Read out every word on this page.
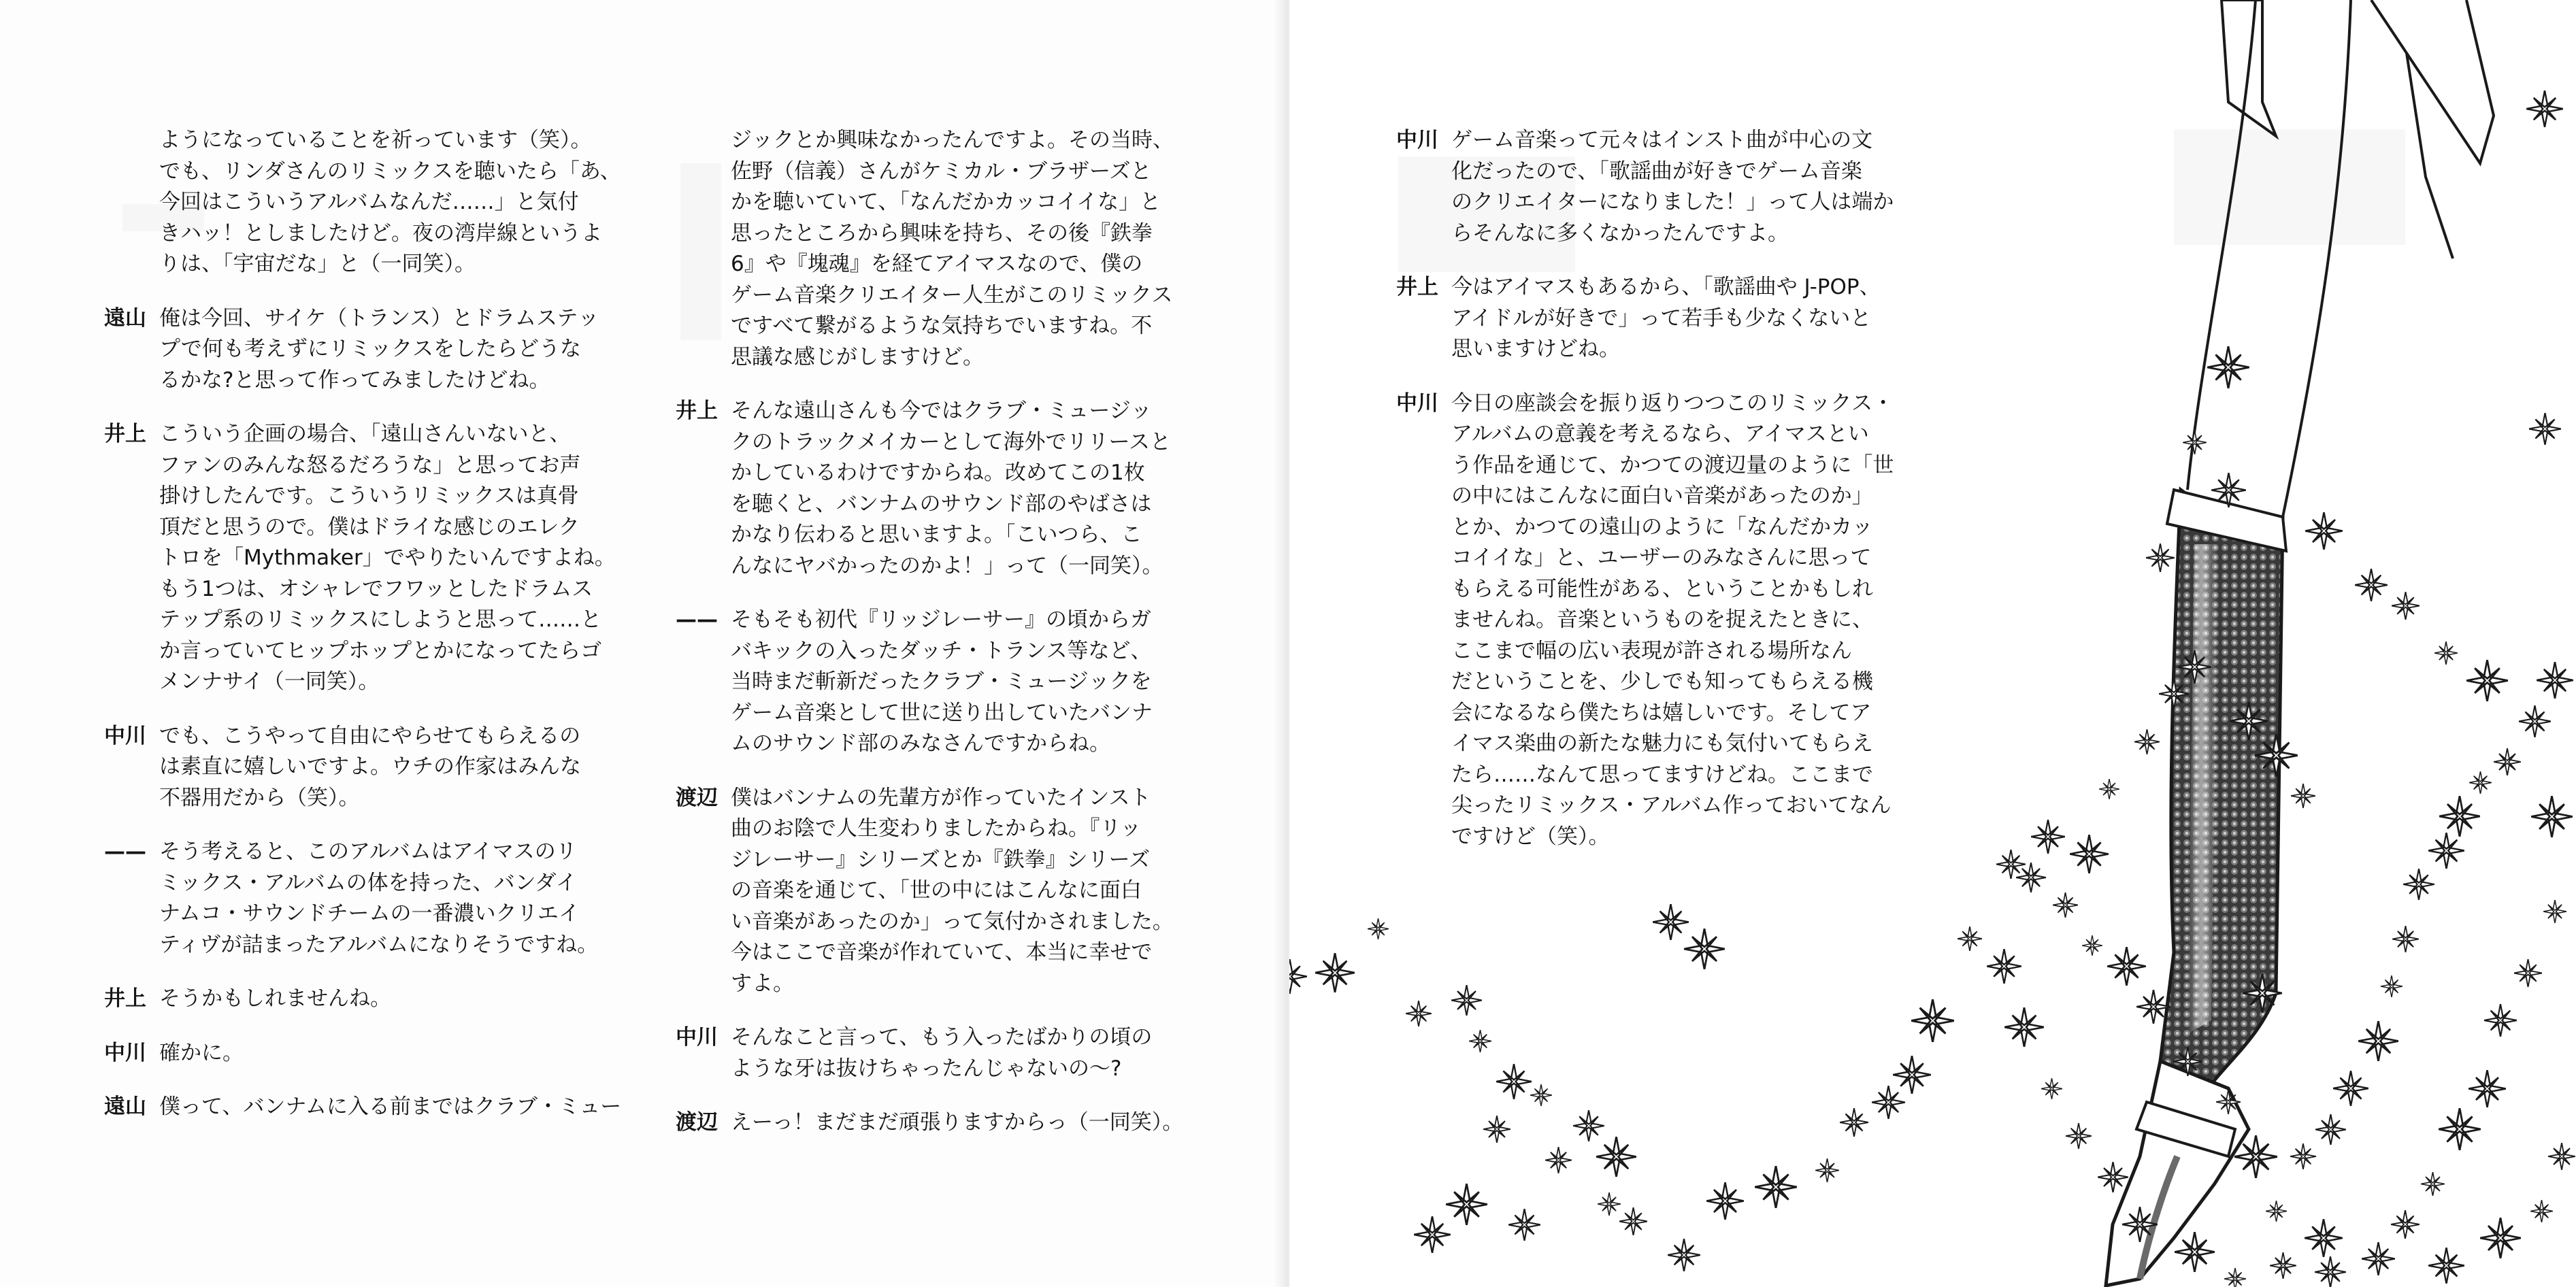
ようになっていることを祈っています（笑）。
でも、リンダさんのリミックスを聴いたら「あ、
今回はこういうアルバムなんだ……」と気付
きハッ！としましたけど。夜の湾岸線というよ
りは、「宇宙だな」と（一同笑）。
遠山 俺は今回、サイケ（トランス）とドラムステッ
プで何も考えずにリミックスをしたらどうな
るかな?と思って作ってみましたけどね。
井上 こういう企画の場合、「遠山さんいないと、
ファンのみんな怒るだろうな」と思ってお声
掛けしたんです。こういうリミックスは真骨
頂だと思うので。僕はドライな感じのエレク
トロを「Mythmaker」でやりたいんですよね。
もう1つは、オシャレでフワッとしたドラムス
テップ系のリミックスにしようと思って……と
か言っていてヒップホップとかになってたらゴ
メンナサイ（一同笑）。
中川 でも、こうやって自由にやらせてもらえるの
は素直に嬉しいですよ。ウチの作家はみんな
不器用だから（笑）。
—— そう考えると、このアルバムはアイマスのリ
ミックス・アルバムの体を持った、バンダイ
ナムコ・サウンドチームの一番濃いクリエイ
ティヴが詰まったアルバムになりそうですね。
井上 そうかもしれませんね。
中川 確かに。
遠山 僕って、バンナムに入る前まではクラブ・ミュー
ジックとか興味なかったんですよ。その当時、
佐野（信義）さんがケミカル・ブラザーズと
かを聴いていて、「なんだかカッコイイな」と
思ったところから興味を持ち、その後『鉄拳
6』や『塊魂』を経てアイマスなので、僕の
ゲーム音楽クリエイター人生がこのリミックス
ですべて繋がるような気持ちでいますね。不
思議な感じがしますけど。
井上 そんな遠山さんも今ではクラブ・ミュージッ
クのトラックメイカーとして海外でリリースと
かしているわけですからね。改めてこの1枚
を聴くと、バンナムのサウンド部のやばさは
かなり伝わると思いますよ。「こいつら、こ
んなにヤバかったのかよ！」って（一同笑）。
—— そもそも初代『リッジレーサー』の頃からガ
バキックの入ったダッチ・トランス等など、
当時まだ斬新だったクラブ・ミュージックを
ゲーム音楽として世に送り出していたバンナ
ムのサウンド部のみなさんですからね。
渡辺 僕はバンナムの先輩方が作っていたインスト
曲のお陰で人生変わりましたからね。『リッ
ジレーサー』シリーズとか『鉄拳』シリーズ
の音楽を通じて、「世の中にはこんなに面白
い音楽があったのか」って気付かされました。
今はここで音楽が作れていて、本当に幸せで
すよ。
中川 そんなこと言って、もう入ったばかりの頃の
ような牙は抜けちゃったんじゃないの〜?
渡辺 えーっ！まだまだ頑張りますからっ（一同笑）。
中川 ゲーム音楽って元々はインスト曲が中心の文
化だったので、「歌謡曲が好きでゲーム音楽
のクリエイターになりました！」って人は端か
らそんなに多くなかったんですよ。
井上 今はアイマスもあるから、「歌謡曲や J-POP、
アイドルが好きで」って若手も少なくないと
思いますけどね。
中川 今日の座談会を振り返りつつこのリミックス・
アルバムの意義を考えるなら、アイマスとい
う作品を通じて、かつての渡辺量のように「世
の中にはこんなに面白い音楽があったのか」
とか、かつての遠山のように「なんだかカッ
コイイな」と、ユーザーのみなさんに思って
もらえる可能性がある、ということかもしれ
ませんね。音楽というものを捉えたときに、
ここまで幅の広い表現が許される場所なん
だということを、少しでも知ってもらえる機
会になるなら僕たちは嬉しいです。そしてア
イマス楽曲の新たな魅力にも気付いてもらえ
たら……なんて思ってますけどね。ここまで
尖ったリミックス・アルバム作っておいてなん
ですけど（笑）。
